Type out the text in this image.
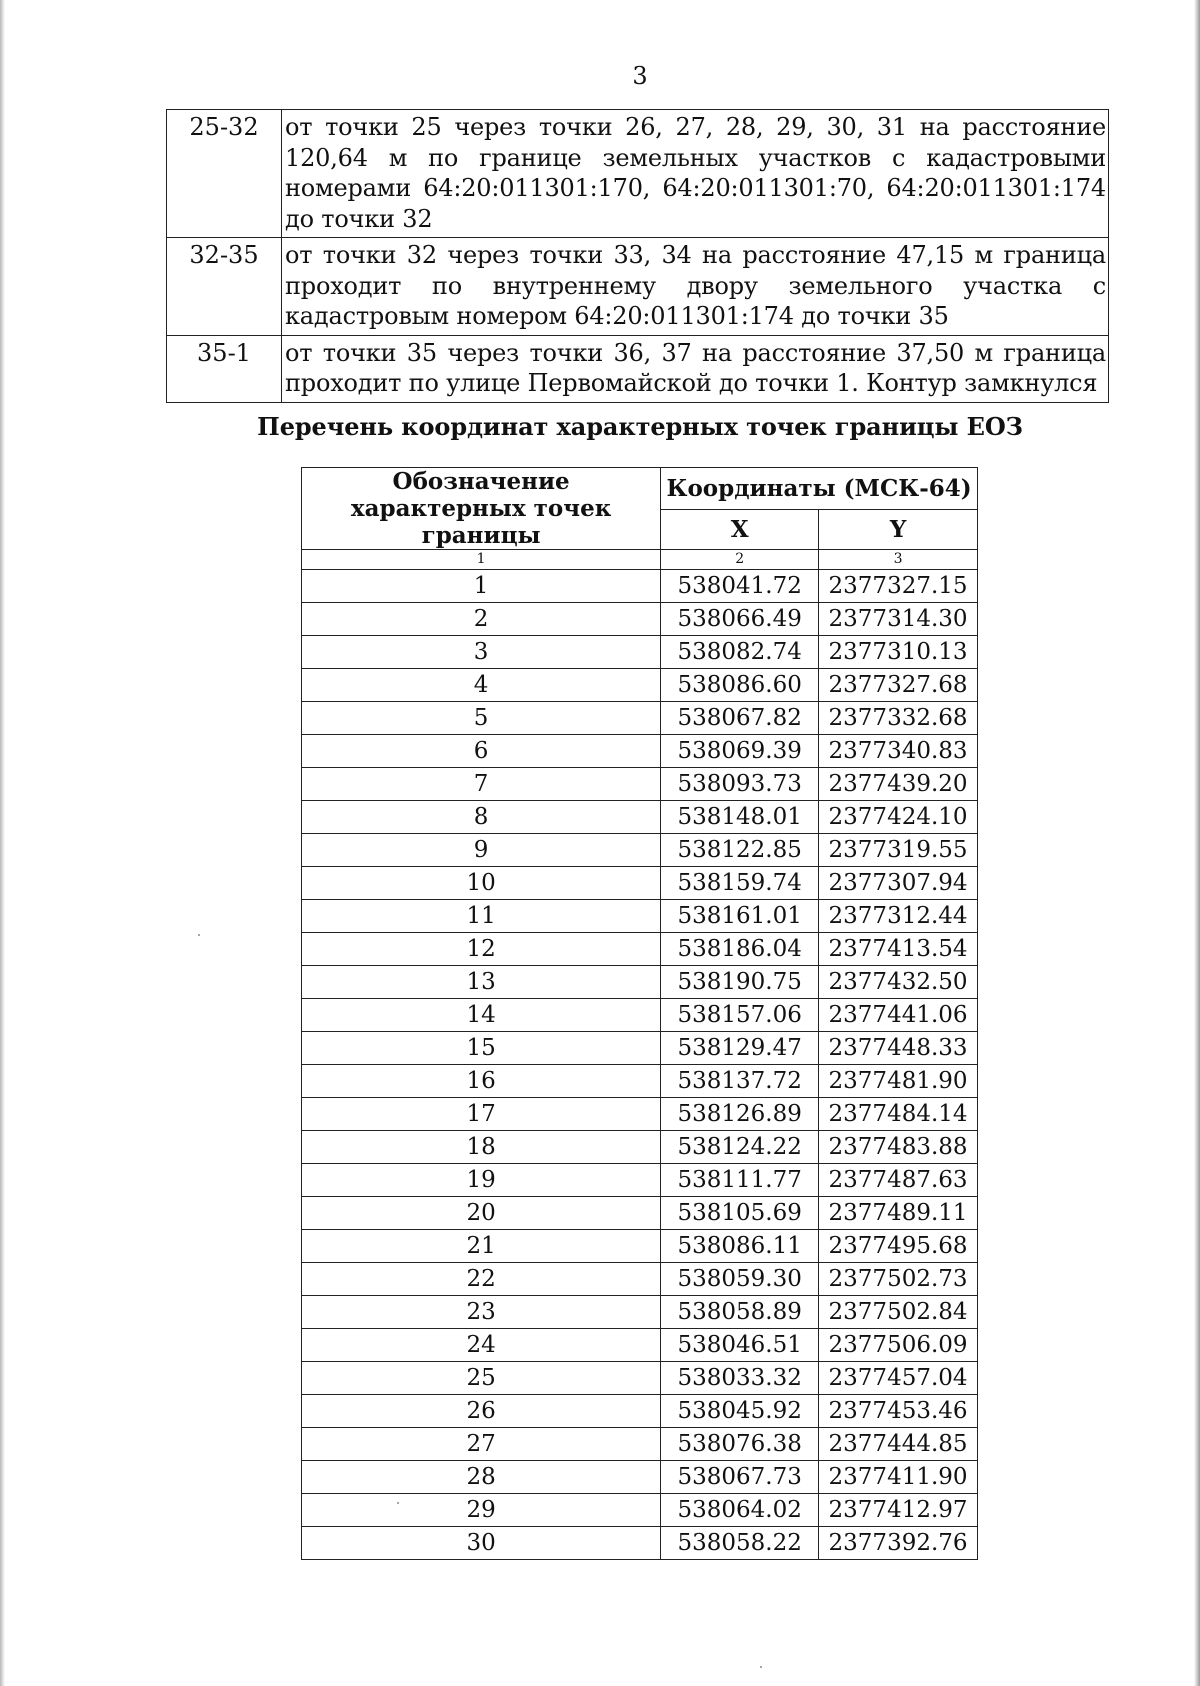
3
25-32	от точки 25 через точки 26, 27, 28, 29, 30, 31 на расстояние 120,64 м по границе земельных участков с кадастровыми номерами 64:20:011301:170, 64:20:011301:70, 64:20:011301:174 до точки 32
32-35	от точки 32 через точки 33, 34 на расстояние 47,15 м граница проходит по внутреннему двору земельного участка с кадастровым номером 64:20:011301:174 до точки 35
35-1	от точки 35 через точки 36, 37 на расстояние 37,50 м граница проходит по улице Первомайской до точки 1. Контур замкнулся
Перечень координат характерных точек границы ЕОЗ
Обозначение характерных точек границы	Координаты (МСК-64)	
	X	Y
1	2	3
1	538041.72	2377327.15
2	538066.49	2377314.30
3	538082.74	2377310.13
4	538086.60	2377327.68
5	538067.82	2377332.68
6	538069.39	2377340.83
7	538093.73	2377439.20
8	538148.01	2377424.10
9	538122.85	2377319.55
10	538159.74	2377307.94
11	538161.01	2377312.44
12	538186.04	2377413.54
13	538190.75	2377432.50
14	538157.06	2377441.06
15	538129.47	2377448.33
16	538137.72	2377481.90
17	538126.89	2377484.14
18	538124.22	2377483.88
19	538111.77	2377487.63
20	538105.69	2377489.11
21	538086.11	2377495.68
22	538059.30	2377502.73
23	538058.89	2377502.84
24	538046.51	2377506.09
25	538033.32	2377457.04
26	538045.92	2377453.46
27	538076.38	2377444.85
28	538067.73	2377411.90
29	538064.02	2377412.97
30	538058.22	2377392.76
